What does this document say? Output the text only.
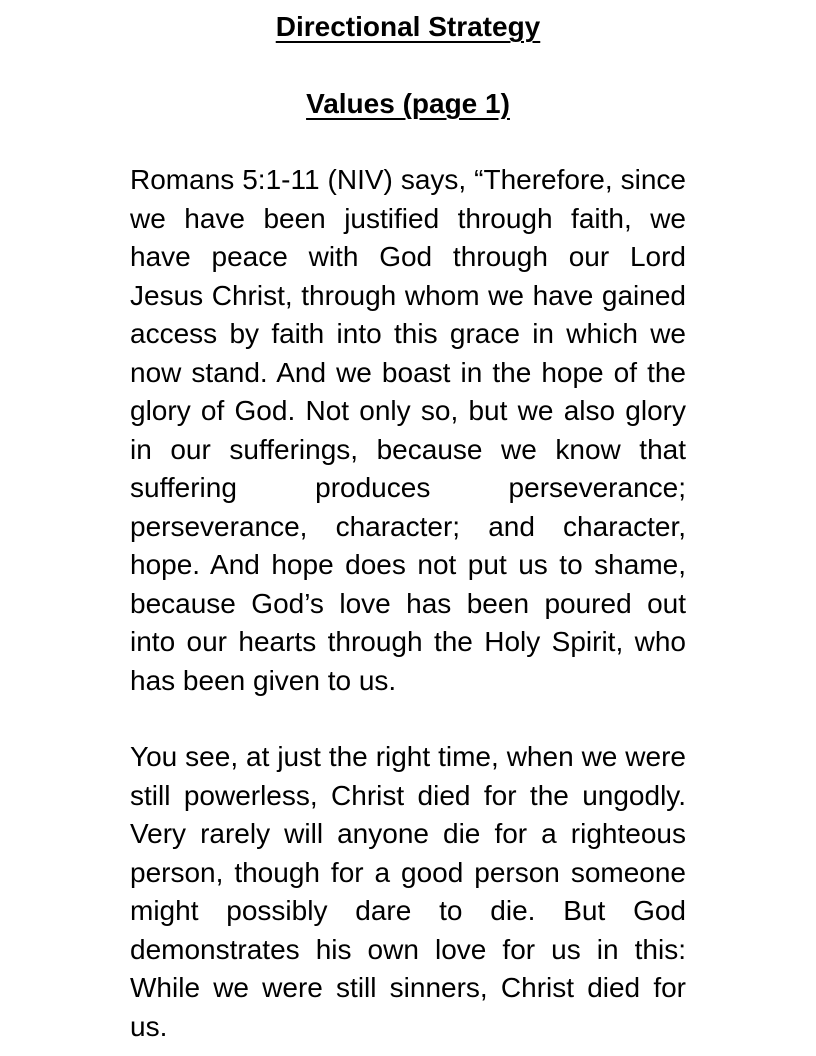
Directional Strategy
Values (page 1)

Romans 5:1-11 (NIV) says, “Therefore, since we have been justified through faith, we have peace with God through our Lord Jesus Christ, through whom we have gained access by faith into this grace in which we now stand. And we boast in the hope of the glory of God. Not only so, but we also glory in our sufferings, because we know that suffering produces perseverance; perseverance, character; and character, hope. And hope does not put us to shame, because God’s love has been poured out into our hearts through the Holy Spirit, who has been given to us.

You see, at just the right time, when we were still powerless, Christ died for the ungodly. Very rarely will anyone die for a righteous person, though for a good person someone might possibly dare to die. But God demonstrates his own love for us in this: While we were still sinners, Christ died for us.
